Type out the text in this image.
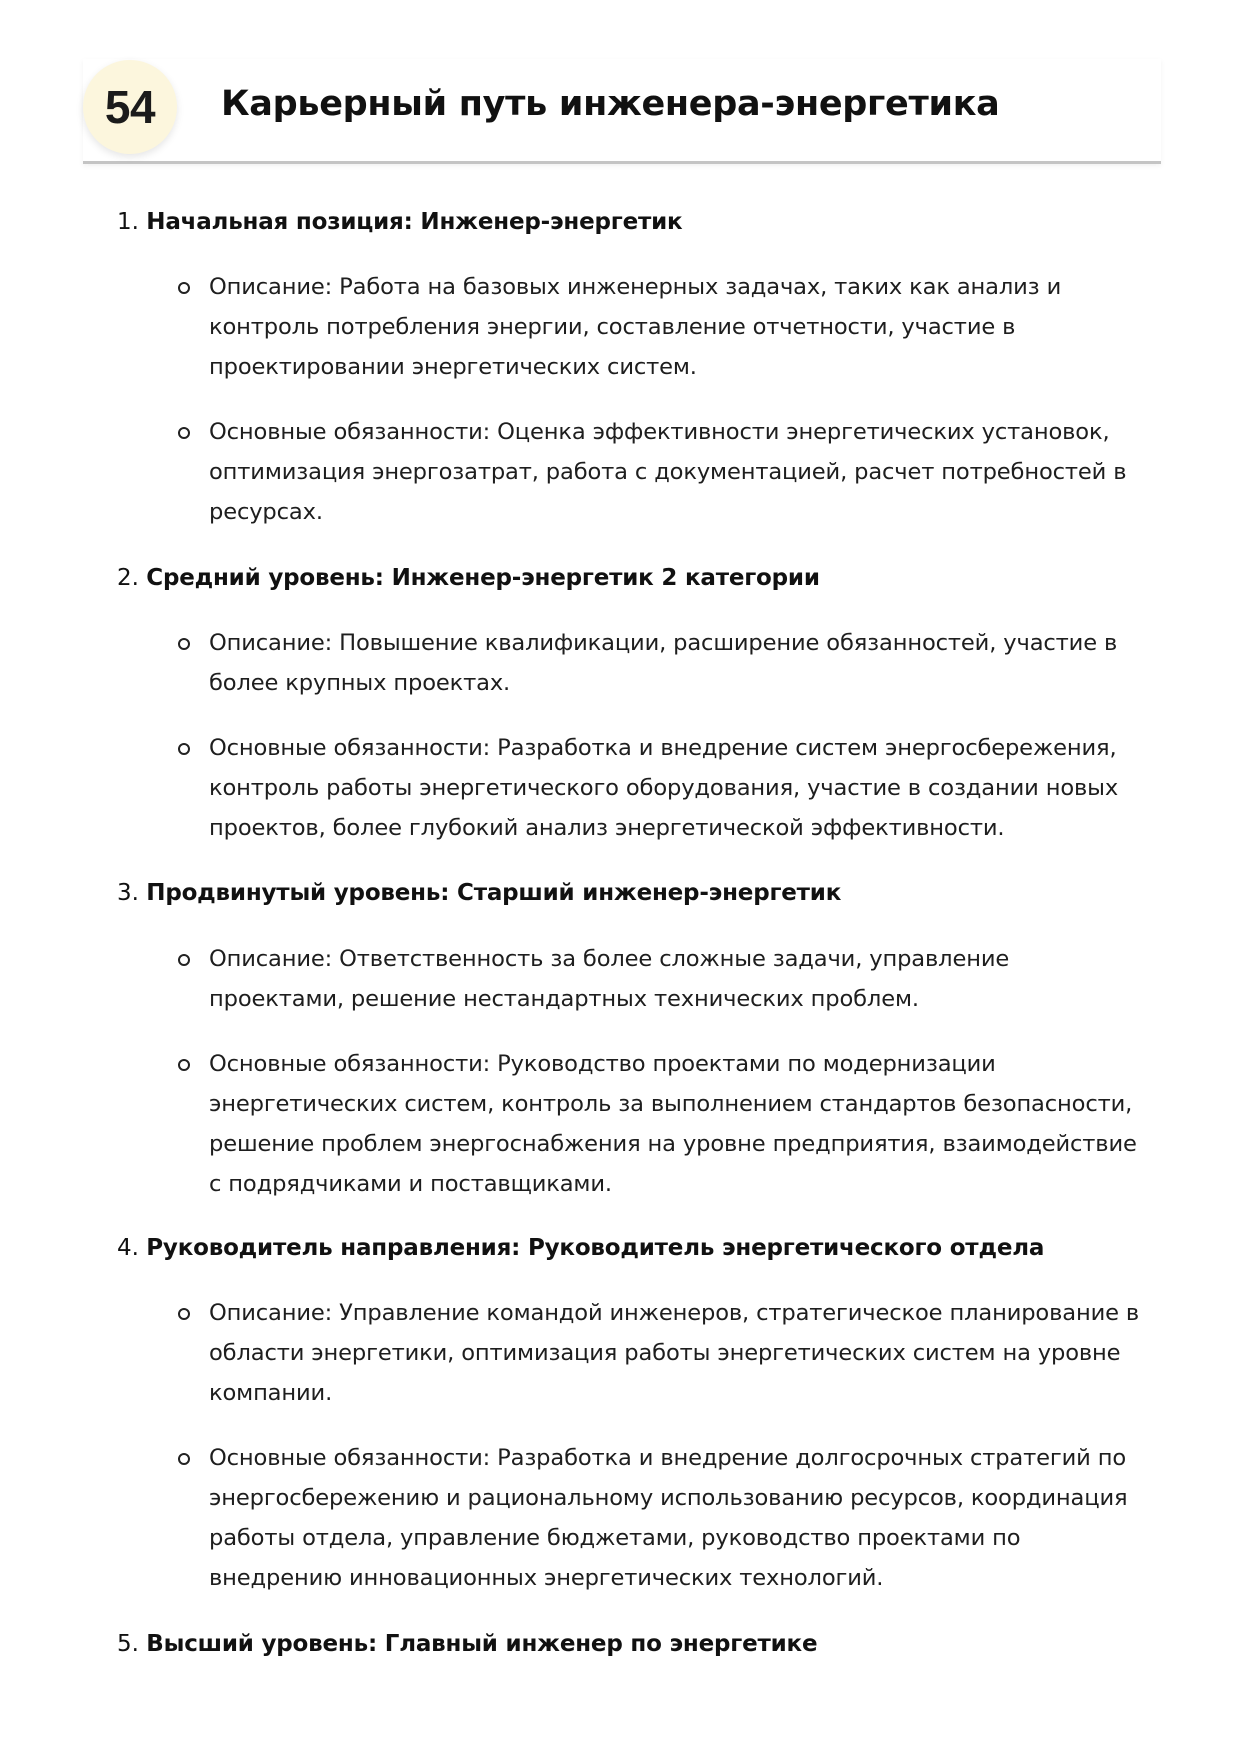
54	Карьерный путь инженера-энергетика
1. Начальная позиция: Инженер-энергетик
Описание: Работа на базовых инженерных задачах, таких как анализ и контроль потребления энергии, составление отчетности, участие в проектировании энергетических систем.
Основные обязанности: Оценка эффективности энергетических установок, оптимизация энергозатрат, работа с документацией, расчет потребностей в ресурсах.
2. Средний уровень: Инженер-энергетик 2 категории
Описание: Повышение квалификации, расширение обязанностей, участие в более крупных проектах.
Основные обязанности: Разработка и внедрение систем энергосбережения, контроль работы энергетического оборудования, участие в создании новых проектов, более глубокий анализ энергетической эффективности.
3. Продвинутый уровень: Старший инженер-энергетик
Описание: Ответственность за более сложные задачи, управление проектами, решение нестандартных технических проблем.
Основные обязанности: Руководство проектами по модернизации энергетических систем, контроль за выполнением стандартов безопасности, решение проблем энергоснабжения на уровне предприятия, взаимодействие с подрядчиками и поставщиками.
4. Руководитель направления: Руководитель энергетического отдела
Описание: Управление командой инженеров, стратегическое планирование в области энергетики, оптимизация работы энергетических систем на уровне компании.
Основные обязанности: Разработка и внедрение долгосрочных стратегий по энергосбережению и рациональному использованию ресурсов, координация работы отдела, управление бюджетами, руководство проектами по внедрению инновационных энергетических технологий.
5. Высший уровень: Главный инженер по энергетике
